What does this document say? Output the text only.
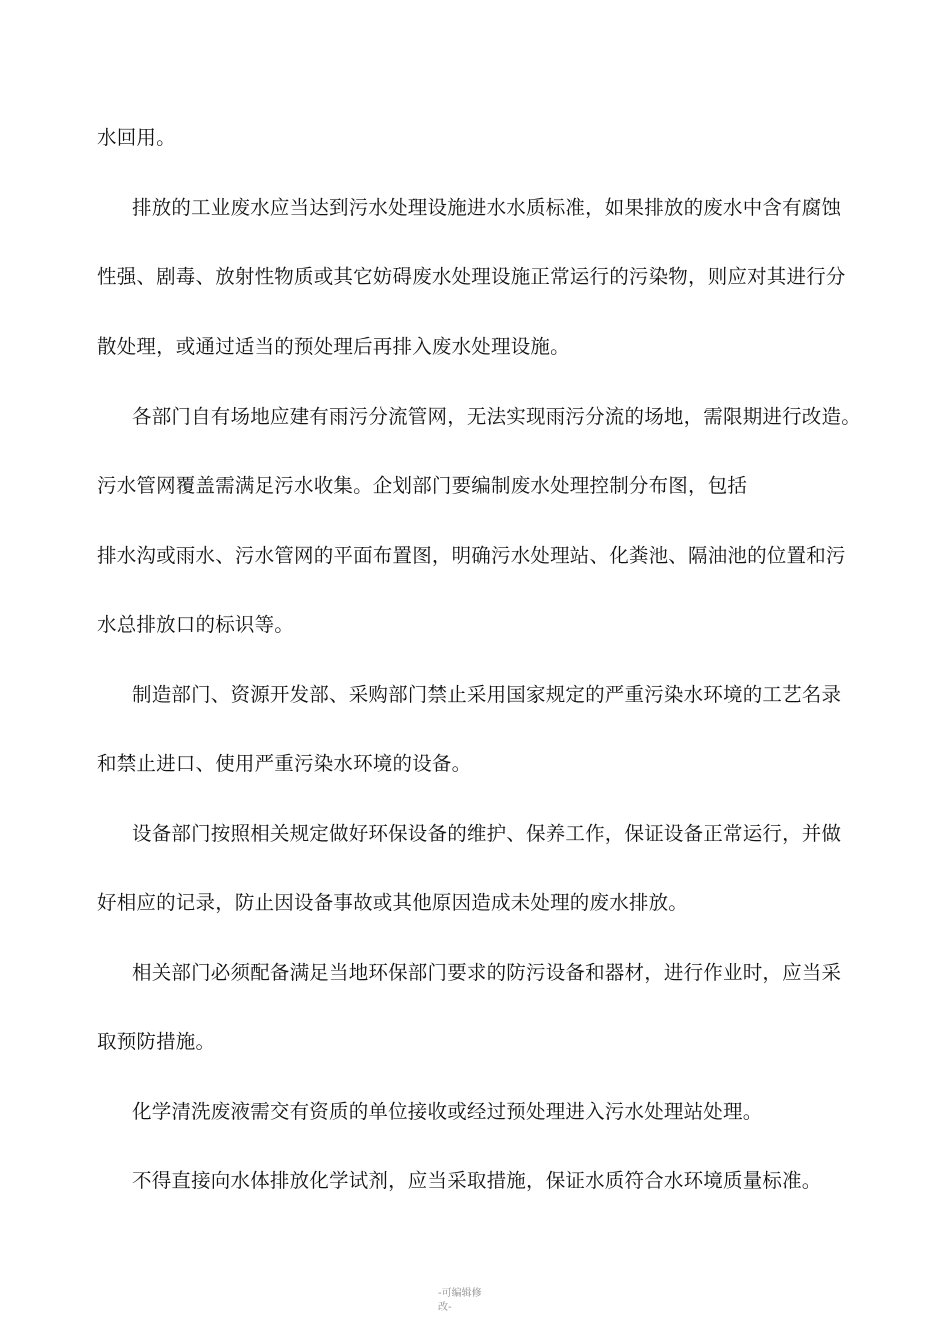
水回用。
排放的工业废水应当达到污水处理设施进水水质标准，如果排放的废水中含有腐蚀
性强、剧毒、放射性物质或其它妨碍废水处理设施正常运行的污染物，则应对其进行分
散处理，或通过适当的预处理后再排入废水处理设施。
各部门自有场地应建有雨污分流管网，无法实现雨污分流的场地，需限期进行改造。
污水管网覆盖需满足污水收集。企划部门要编制废水处理控制分布图，包括
排水沟或雨水、污水管网的平面布置图，明确污水处理站、化粪池、隔油池的位置和污
水总排放口的标识等。
制造部门、资源开发部、采购部门禁止采用国家规定的严重污染水环境的工艺名录
和禁止进口、使用严重污染水环境的设备。
设备部门按照相关规定做好环保设备的维护、保养工作，保证设备正常运行，并做
好相应的记录，防止因设备事故或其他原因造成未处理的废水排放。
相关部门必须配备满足当地环保部门要求的防污设备和器材，进行作业时，应当采
取预防措施。
化学清洗废液需交有资质的单位接收或经过预处理进入污水处理站处理。
不得直接向水体排放化学试剂，应当采取措施，保证水质符合水环境质量标准。
-可编辑修
改-
